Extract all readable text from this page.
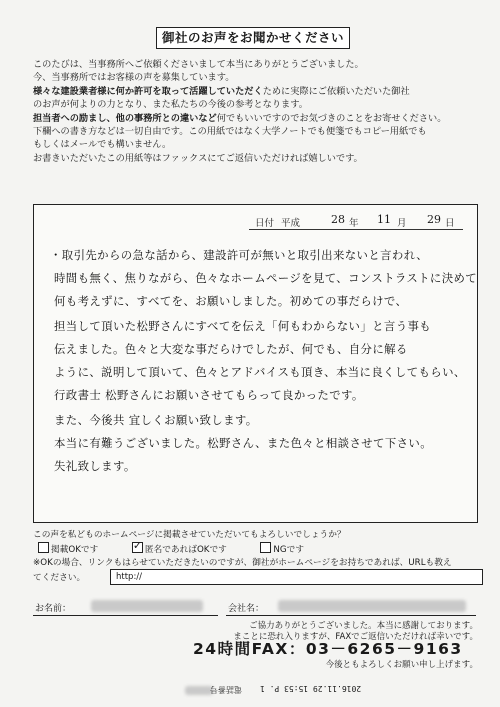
御社のお声をお聞かせください
このたびは、当事務所へご依頼くださいまして本当にありがとうございました。
今、当事務所ではお客様の声を募集しています。
様々な建設業者様に何か許可を取って活躍していただくために実際にご依頼いただいた御社
のお声が何よりの力となり、また私たちの今後の参考となります。
担当者への励まし、他の事務所との違いなど何でもいいですのでお気づきのことをお寄せください。
下欄への書き方などは一切自由です。この用紙ではなく大学ノートでも便箋でもコピー用紙でも
もしくはメールでも構いません。
お書きいただいたこの用紙等はファックスにてご返信いただければ嬉しいです。
日付 平成	28 年 11 月 29 日
・取引先からの急な話から、建設許可が無いと取引出来ないと言われ、
時間も無く、焦りながら、色々なホームページを見て、コンストラストに決めて
何も考えずに、すべてを、お願いしました。初めての事だらけで、
担当して頂いた松野さんにすべてを伝え「何もわからない」と言う事も
伝えました。色々と大変な事だらけでしたが、何でも、自分に解る
ように、説明して頂いて、色々とアドバイスも頂き、本当に良くしてもらい、
行政書士 松野さんにお願いさせてもらって良かったです。
また、今後共 宜しくお願い致します。
本当に有難うございました。松野さん、また色々と相談させて下さい。
失礼致します。
この声を私どものホームページに掲載させていただいてもよろしいでしょうか？
掲載OKです  ✓	匿名であればOKです	NGです
※OKの場合、リンクもはらせていただきたいのですが、御社がホームページをお持ちであれば、URLも教え
てください。	http://
お名前：	会社名：
ご協力ありがとうございました。本当に感謝しております。
まことに恐れ入りますが、FAXでご返信いただければ幸いです。
24時間FAX：03－6265－9163
今後ともよろしくお願い申し上げます。
2016.11.29 15:53 P. 1
電話番号
